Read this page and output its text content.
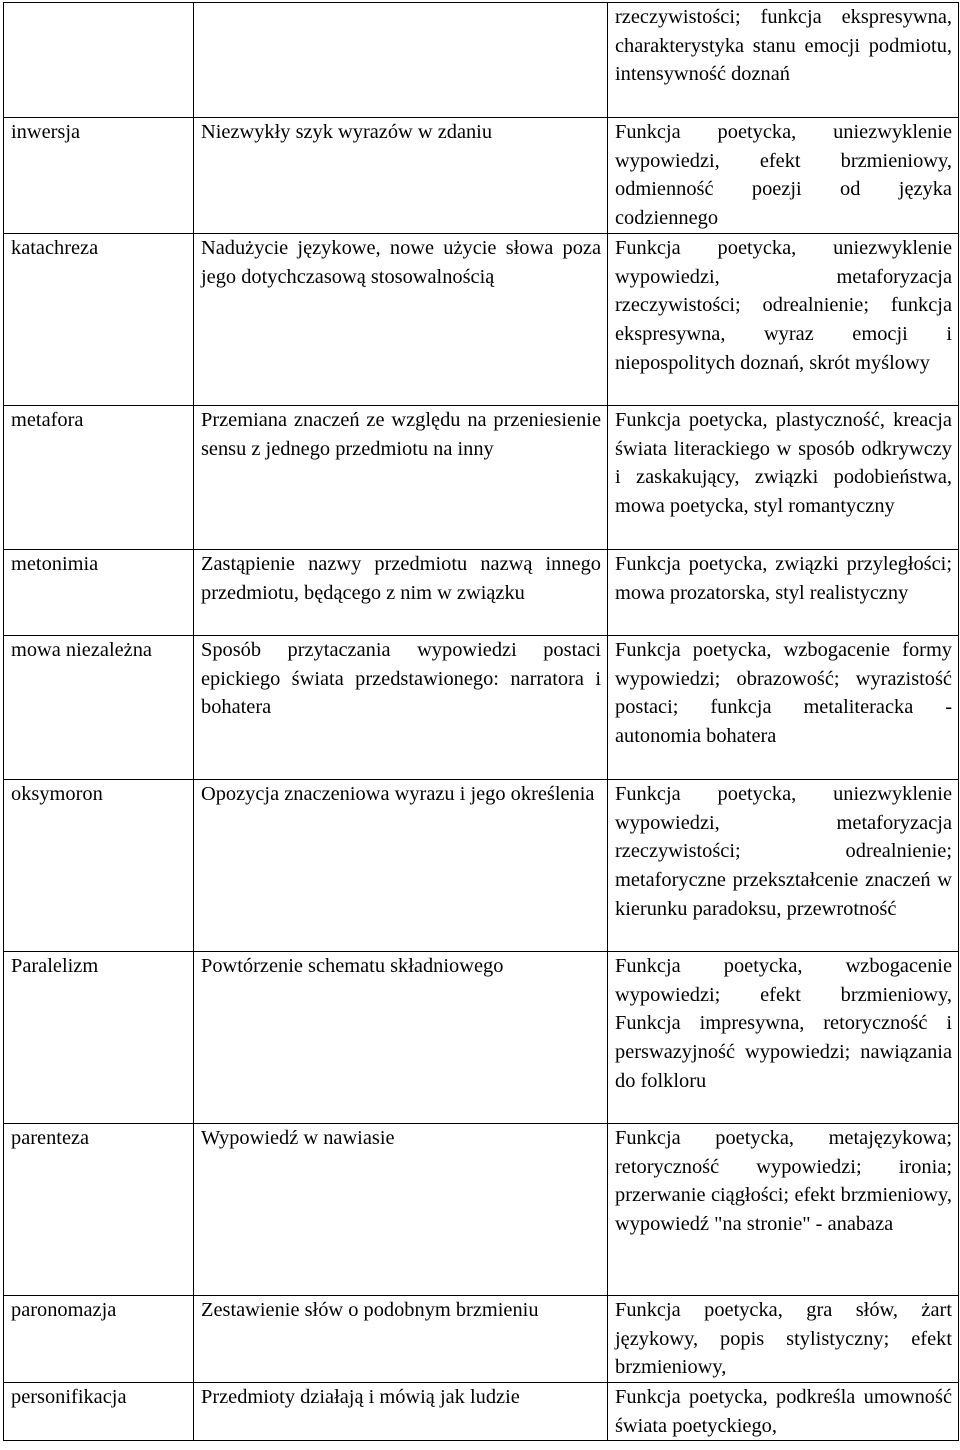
		rzeczywistości; funkcja ekspresywna, charakterystyka stanu emocji podmiotu, intensywność doznań
inwersja	Niezwykły szyk wyrazów w zdaniu	Funkcja poetycka, uniezwyklenie wypowiedzi, efekt brzmieniowy, odmienność poezji od języka codziennego
katachreza	Nadużycie językowe, nowe użycie słowa poza jego dotychczasową stosowalnością	Funkcja poetycka, uniezwyklenie wypowiedzi, metaforyzacja rzeczywistości; odrealnienie; funkcja ekspresywna, wyraz emocji i niepospolitych doznań, skrót myślowy
metafora	Przemiana znaczeń ze względu na przeniesienie sensu z jednego przedmiotu na inny	Funkcja poetycka, plastyczność, kreacja świata literackiego w sposób odkrywczy i zaskakujący, związki podobieństwa, mowa poetycka, styl romantyczny
metonimia	Zastąpienie nazwy przedmiotu nazwą innego przedmiotu, będącego z nim w związku	Funkcja poetycka, związki przyległości; mowa prozatorska, styl realistyczny
mowa niezależna	Sposób przytaczania wypowiedzi postaci epickiego świata przedstawionego: narratora i bohatera	Funkcja poetycka, wzbogacenie formy wypowiedzi; obrazowość; wyrazistość postaci; funkcja metaliteracka - autonomia bohatera
oksymoron	Opozycja znaczeniowa wyrazu i jego określenia	Funkcja poetycka, uniezwyklenie wypowiedzi, metaforyzacja rzeczywistości; odrealnienie; metaforyczne przekształcenie znaczeń w kierunku paradoksu, przewrotność
Paralelizm	Powtórzenie schematu składniowego	Funkcja poetycka, wzbogacenie wypowiedzi; efekt brzmieniowy, Funkcja impresywna, retoryczność i perswazyjność wypowiedzi; nawiązania do folkloru
parenteza	Wypowiedź w nawiasie	Funkcja poetycka, metajęzykowa; retoryczność wypowiedzi; ironia; przerwanie ciągłości; efekt brzmieniowy, wypowiedź "na stronie" - anabaza
paronomazja	Zestawienie słów o podobnym brzmieniu	Funkcja poetycka, gra słów, żart językowy, popis stylistyczny; efekt brzmieniowy,
personifikacja	Przedmioty działają i mówią jak ludzie	Funkcja poetycka, podkreśla umowność świata poetyckiego,
